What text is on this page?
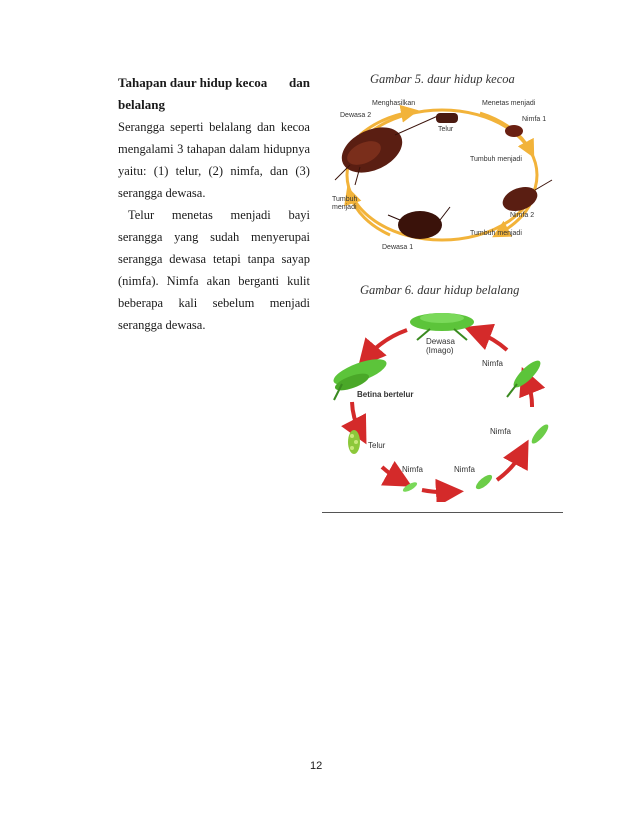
Tahapan daur hidup kecoa dan
belalang
Serangga seperti belalang dan kecoa
mengalami 3 tahapan dalam hidupnya
yaitu: (1) telur, (2) nimfa, dan (3)
serangga dewasa.
Telur menetas menjadi bayi
serangga yang sudah menyerupai
serangga dewasa tetapi tanpa sayap
(nimfa). Nimfa akan berganti kulit
beberapa kali sebelum menjadi
serangga dewasa.
Gambar 5. daur hidup kecoa
Menghasilkan
Dewasa 2
Telur
Menetas menjadi
Nimfa 1
Tumbuh menjadi
Nimfa 2
Tumbuh menjadi
Tumbuh
menjadi
Dewasa 1
Gambar 6. daur hidup belalang
Dewasa
(Imago)
Nimfa
Betina bertelur
Nimfa
Telur
Nimfa	Nimfa
12
